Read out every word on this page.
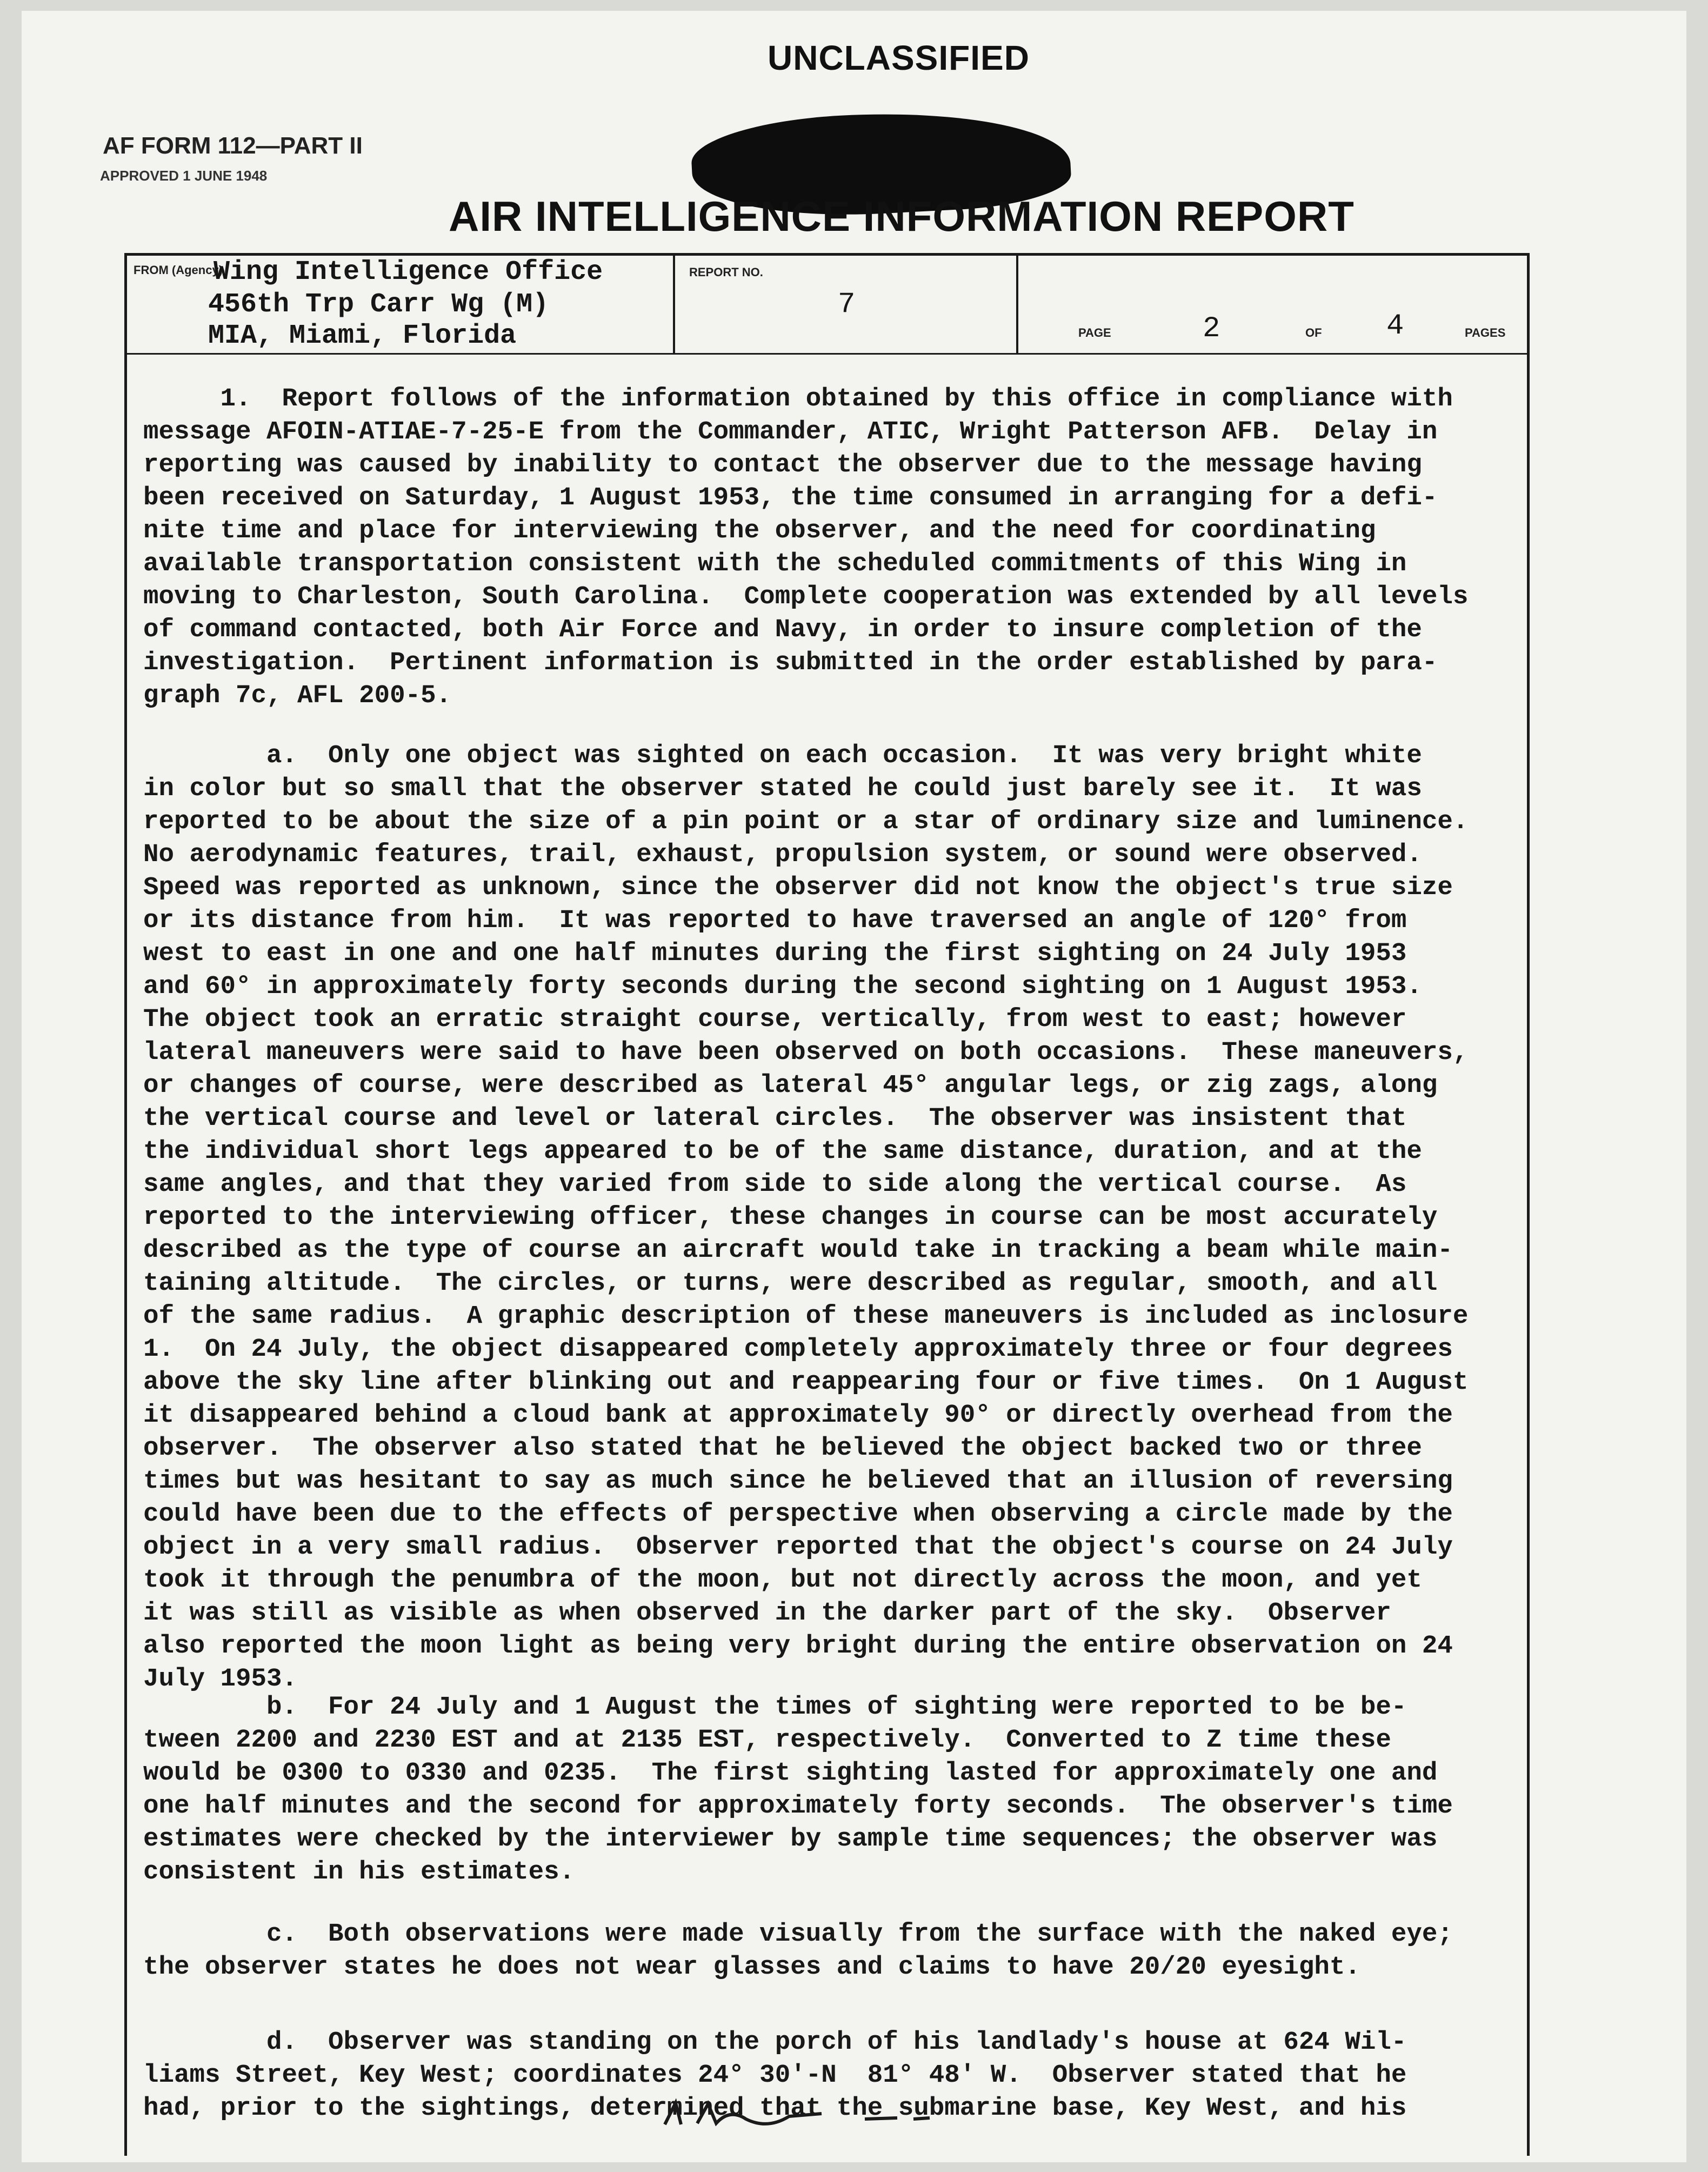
UNCLASSIFIED
AF FORM 112—PART II
APPROVED 1 JUNE 1948
AIR INTELLIGENCE INFORMATION REPORT
FROM (Agency)
Wing Intelligence Office
456th Trp Carr Wg (M)
MIA, Miami, Florida
REPORT NO.
7
PAGE	2	OF 4	PAGES
1.  Report follows of the information obtained by this office in compliance with
message AFOIN-ATIAE-7-25-E from the Commander, ATIC, Wright Patterson AFB.  Delay in
reporting was caused by inability to contact the observer due to the message having
been received on Saturday, 1 August 1953, the time consumed in arranging for a defi-
nite time and place for interviewing the observer, and the need for coordinating
available transportation consistent with the scheduled commitments of this Wing in
moving to Charleston, South Carolina.  Complete cooperation was extended by all levels
of command contacted, both Air Force and Navy, in order to insure completion of the
investigation.  Pertinent information is submitted in the order established by para-
graph 7c, AFL 200-5.
a.  Only one object was sighted on each occasion.  It was very bright white
in color but so small that the observer stated he could just barely see it.  It was
reported to be about the size of a pin point or a star of ordinary size and luminence.
No aerodynamic features, trail, exhaust, propulsion system, or sound were observed.
Speed was reported as unknown, since the observer did not know the object's true size
or its distance from him.  It was reported to have traversed an angle of 120° from
west to east in one and one half minutes during the first sighting on 24 July 1953
and 60° in approximately forty seconds during the second sighting on 1 August 1953.
The object took an erratic straight course, vertically, from west to east; however
lateral maneuvers were said to have been observed on both occasions.  These maneuvers,
or changes of course, were described as lateral 45° angular legs, or zig zags, along
the vertical course and level or lateral circles.  The observer was insistent that
the individual short legs appeared to be of the same distance, duration, and at the
same angles, and that they varied from side to side along the vertical course.  As
reported to the interviewing officer, these changes in course can be most accurately
described as the type of course an aircraft would take in tracking a beam while main-
taining altitude.  The circles, or turns, were described as regular, smooth, and all
of the same radius.  A graphic description of these maneuvers is included as inclosure
1.  On 24 July, the object disappeared completely approximately three or four degrees
above the sky line after blinking out and reappearing four or five times.  On 1 August
it disappeared behind a cloud bank at approximately 90° or directly overhead from the
observer.  The observer also stated that he believed the object backed two or three
times but was hesitant to say as much since he believed that an illusion of reversing
could have been due to the effects of perspective when observing a circle made by the
object in a very small radius.  Observer reported that the object's course on 24 July
took it through the penumbra of the moon, but not directly across the moon, and yet
it was still as visible as when observed in the darker part of the sky.  Observer
also reported the moon light as being very bright during the entire observation on 24
July 1953.
b.  For 24 July and 1 August the times of sighting were reported to be be-
tween 2200 and 2230 EST and at 2135 EST, respectively.  Converted to Z time these
would be 0300 to 0330 and 0235.  The first sighting lasted for approximately one and
one half minutes and the second for approximately forty seconds.  The observer's time
estimates were checked by the interviewer by sample time sequences; the observer was
consistent in his estimates.
c.  Both observations were made visually from the surface with the naked eye;
the observer states he does not wear glasses and claims to have 20/20 eyesight.
d.  Observer was standing on the porch of his landlady's house at 624 Wil-
liams Street, Key West; coordinates 24° 30'-N  81° 48' W.  Observer stated that he
had, prior to the sightings, determined that the submarine base, Key West, and his
